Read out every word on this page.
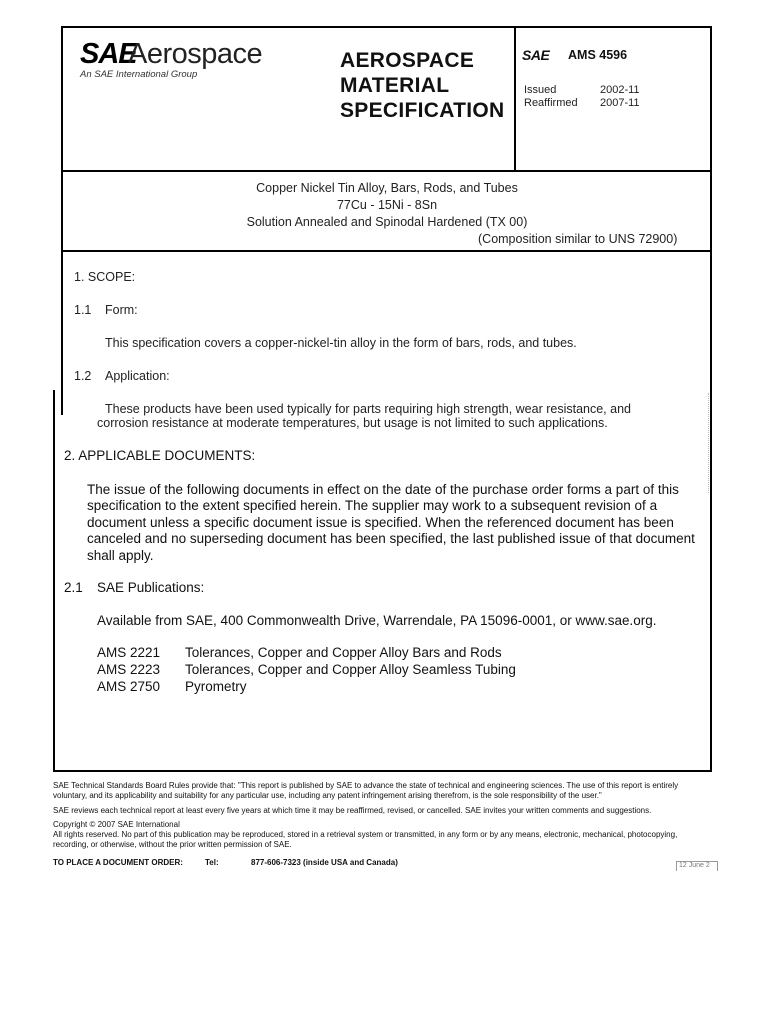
SAE
Aerospace
An SAE International Group
AEROSPACE
MATERIAL
SPECIFICATION
SAE AMS 4596
Issued	2002-11
Reaffirmed 2007-11
Copper Nickel Tin Alloy, Bars, Rods, and Tubes
77Cu - 15Ni - 8Sn
Solution Annealed and Spinodal Hardened (TX 00)
(Composition similar to UNS 72900)
1. SCOPE:
1.1 Form:
This specification covers a copper-nickel-tin alloy in the form of bars, rods, and tubes.
1.2 Application:
These products have been used typically for parts requiring high strength, wear resistance, and
corrosion resistance at moderate temperatures, but usage is not limited to such applications.
2. APPLICABLE DOCUMENTS:
The issue of the following documents in effect on the date of the purchase order forms a part of this
specification to the extent specified herein. The supplier may work to a subsequent revision of a
document unless a specific document issue is specified. When the referenced document has been
canceled and no superseding document has been specified, the last published issue of that document
shall apply.
2.1 SAE Publications:
Available from SAE, 400 Commonwealth Drive, Warrendale, PA 15096-0001, or www.sae.org.
AMS 2221 Tolerances, Copper and Copper Alloy Bars and Rods
AMS 2223 Tolerances, Copper and Copper Alloy Seamless Tubing
AMS 2750 Pyrometry
SAE Technical Standards Board Rules provide that: "This report is published by SAE to advance the state of technical and engineering sciences. The use of this report is entirely
voluntary, and its applicability and suitability for any particular use, including any patent infringement arising therefrom, is the sole responsibility of the user."
SAE reviews each technical report at least every five years at which time it may be reaffirmed, revised, or cancelled. SAE invites your written comments and suggestions.
Copyright © 2007 SAE International
All rights reserved. No part of this publication may be reproduced, stored in a retrieval system or transmitted, in any form or by any means, electronic, mechanical, photocopying,
recording, or otherwise, without the prior written permission of SAE.
TO PLACE A DOCUMENT ORDER:	Tel:	877-606-7323 (inside USA and Canada)	12 June 2
